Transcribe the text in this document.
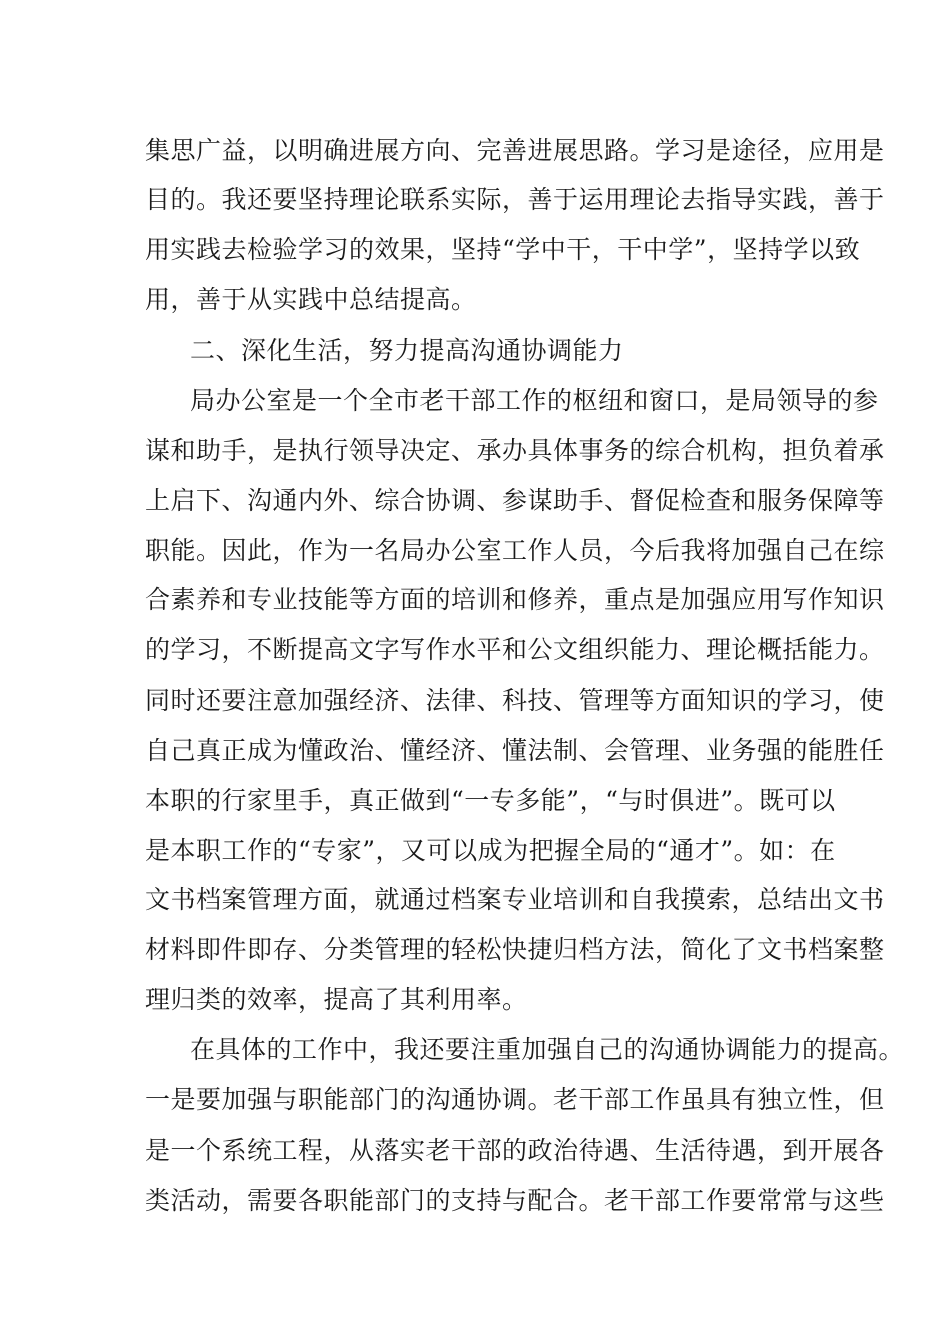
集思广益，以明确进展方向、完善进展思路。学习是途径，应用是
目的。我还要坚持理论联系实际，善于运用理论去指导实践，善于
用实践去检验学习的效果，坚持“学中干，干中学”，坚持学以致
用，善于从实践中总结提高。
二、深化生活，努力提高沟通协调能力
局办公室是一个全市老干部工作的枢纽和窗口，是局领导的参
谋和助手，是执行领导决定、承办具体事务的综合机构，担负着承
上启下、沟通内外、综合协调、参谋助手、督促检查和服务保障等
职能。因此，作为一名局办公室工作人员，今后我将加强自己在综
合素养和专业技能等方面的培训和修养，重点是加强应用写作知识
的学习，不断提高文字写作水平和公文组织能力、理论概括能力。
同时还要注意加强经济、法律、科技、管理等方面知识的学习，使
自己真正成为懂政治、懂经济、懂法制、会管理、业务强的能胜任
本职的行家里手，真正做到“一专多能”，“与时俱进”。既可以
是本职工作的“专家”，又可以成为把握全局的“通才”。如：在
文书档案管理方面，就通过档案专业培训和自我摸索，总结出文书
材料即件即存、分类管理的轻松快捷归档方法，简化了文书档案整
理归类的效率，提高了其利用率。
在具体的工作中，我还要注重加强自己的沟通协调能力的提高。
一是要加强与职能部门的沟通协调。老干部工作虽具有独立性，但
是一个系统工程，从落实老干部的政治待遇、生活待遇，到开展各
类活动，需要各职能部门的支持与配合。老干部工作要常常与这些
